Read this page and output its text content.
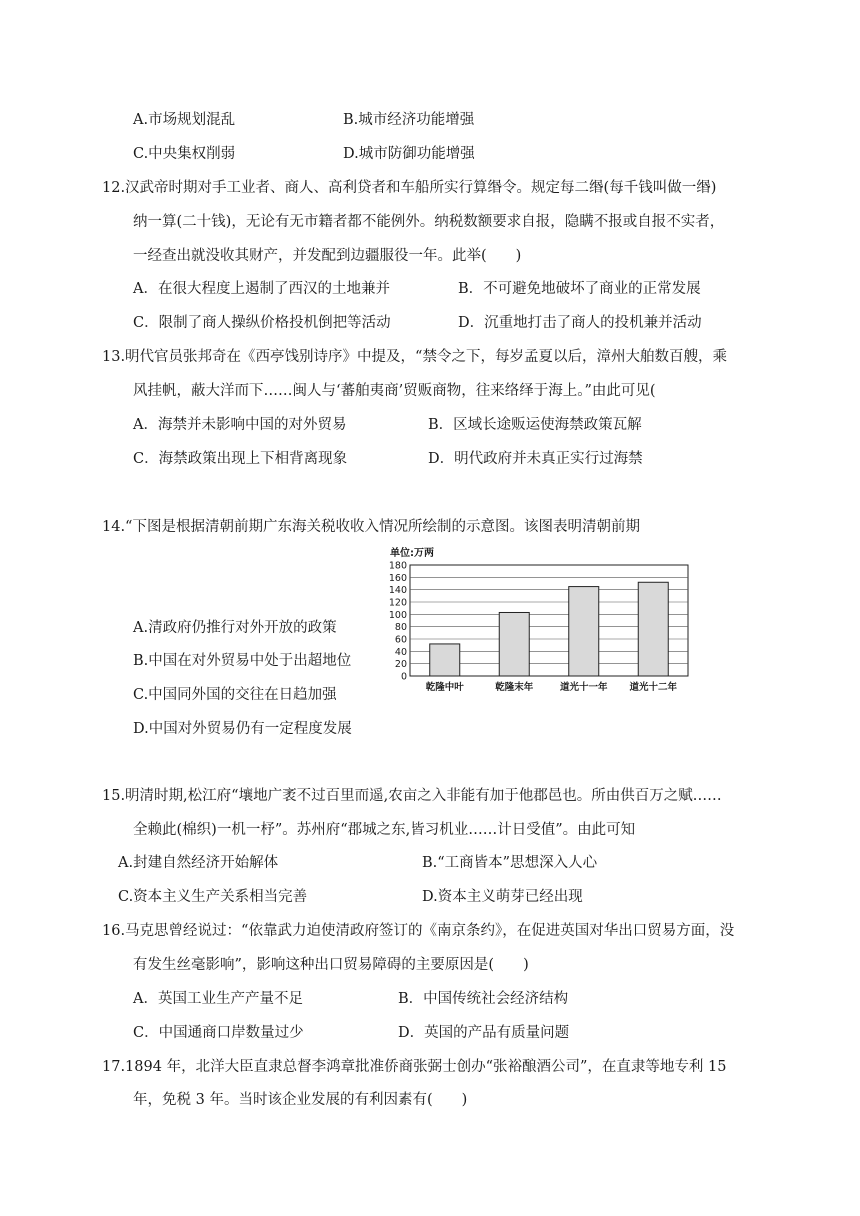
A.市场规划混乱	B.城市经济功能增强
C.中央集权削弱	D.城市防御功能增强
12.汉武帝时期对手工业者、商人、高利贷者和车船所实行算缗令。规定每二缗(每千钱叫做一缗)
纳一算(二十钱)，无论有无市籍者都不能例外。纳税数额要求自报，隐瞒不报或自报不实者，
一经查出就没收其财产，并发配到边疆服役一年。此举(　　)
A．在很大程度上遏制了西汉的土地兼并	B．不可避免地破坏了商业的正常发展
C．限制了商人操纵价格投机倒把等活动	D．沉重地打击了商人的投机兼并活动
13.明代官员张邦奇在《西亭饯别诗序》中提及，“禁令之下，每岁孟夏以后，漳州大舶数百艘，乘
风挂帆，蔽大洋而下……闽人与‘蕃舶夷商’贸贩商物，往来络绎于海上。”由此可见(
A．海禁并未影响中国的对外贸易	B．区域长途贩运使海禁政策瓦解
C．海禁政策出现上下相背离现象	D．明代政府并未真正实行过海禁
14.“下图是根据清朝前期广东海关税收收入情况所绘制的示意图。该图表明清朝前期
A.清政府仍推行对外开放的政策
B.中国在对外贸易中处于出超地位
C.中国同外国的交往在日趋加强
D.中国对外贸易仍有一定程度发展
单位:万两
0
20
40
60
80
100
120
140
160
180
乾隆中叶	乾隆末年	道光十一年 道光十二年
15.明清时期,松江府“壤地广袤不过百里而遥,农亩之入非能有加于他郡邑也。所由供百万之赋……
全赖此(棉织)一机一杼”。苏州府“郡城之东,皆习机业……计日受值”。由此可知
A.封建自然经济开始解体	B.“工商皆本”思想深入人心
C.资本主义生产关系相当完善	D.资本主义萌芽已经出现
16.马克思曾经说过：“依靠武力迫使清政府签订的《南京条约》，在促进英国对华出口贸易方面，没
有发生丝毫影响”，影响这种出口贸易障碍的主要原因是(　　)
A．英国工业生产产量不足	B．中国传统社会经济结构
C．中国通商口岸数量过少	D．英国的产品有质量问题
17.1894 年，北洋大臣直隶总督李鸿章批准侨商张弼士创办“张裕酿酒公司”，在直隶等地专利 15
年，免税 3 年。当时该企业发展的有利因素有(　　)
